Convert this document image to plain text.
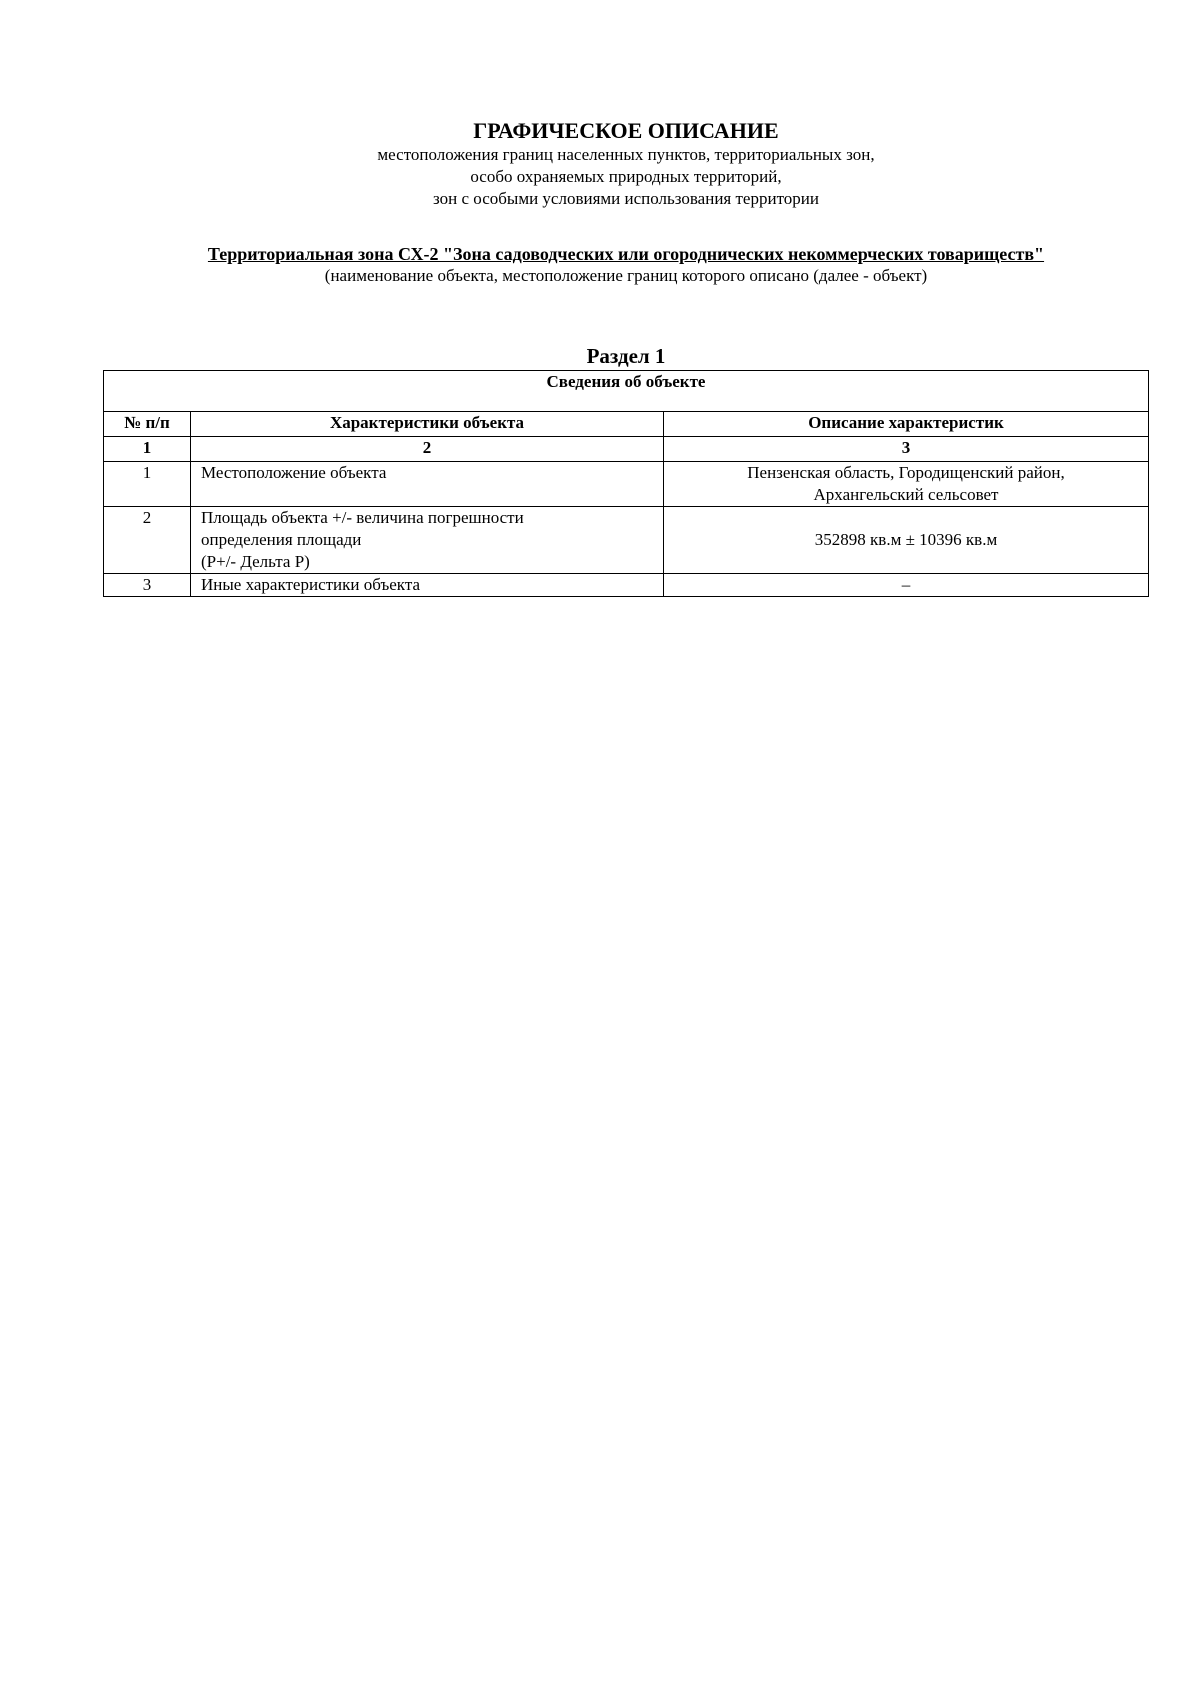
ГРАФИЧЕСКОЕ ОПИСАНИЕ

местоположения границ населенных пунктов, территориальных зон,

особо охраняемых природных территорий,

зон с особыми условиями использования территории

Территориальная зона СХ-2 "Зона садоводческих или огороднических некоммерческих товариществ"

(наименование объекта, местоположение границ которого описано (далее - объект)

Раздел 1

Сведения об объекте		
№ п/п	Характеристики объекта	Описание характеристик
1	2	3
1	Местоположение объекта	Пензенская область, Городищенский район,
Архангельский сельсовет

2	Площадь объекта +/- величина погрешности
определения площади
(P+/- Дельта P)	352898 кв.м ± 10396 кв.м

3	Иные характеристики объекта	–
